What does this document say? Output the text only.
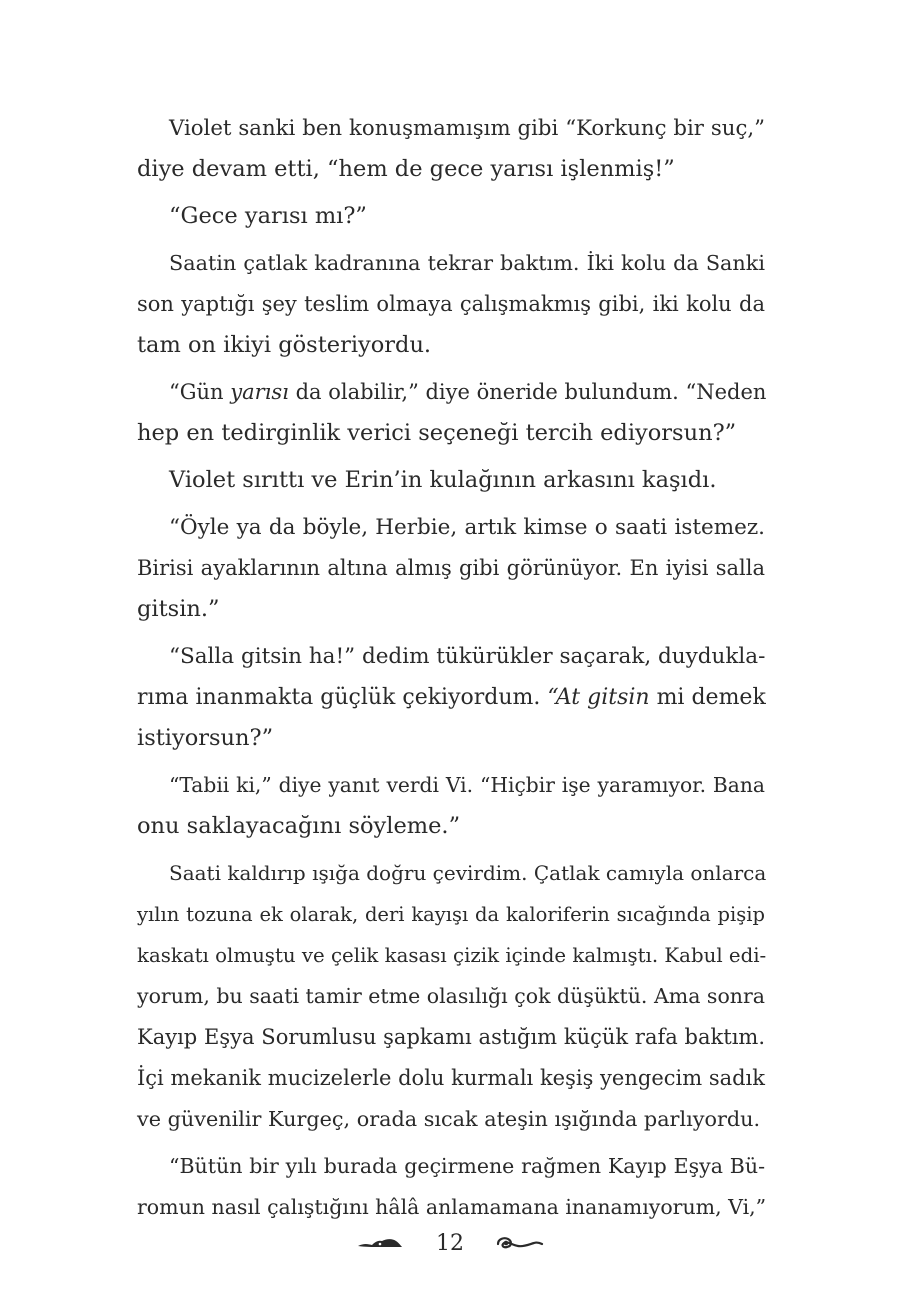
Violet sanki ben konuşmamışım gibi “Korkunç bir suç,”
diye devam etti, “hem de gece yarısı işlenmiş!”
“Gece yarısı mı?”
Saatin çatlak kadranına tekrar baktım. İki kolu da Sanki
son yaptığı şey teslim olmaya çalışmakmış gibi, iki kolu da
tam on ikiyi gösteriyordu.
“Gün yarısı da olabilir,” diye öneride bulundum. “Neden
hep en tedirginlik verici seçeneği tercih ediyorsun?”
Violet sırıttı ve Erin’in kulağının arkasını kaşıdı.
“Öyle ya da böyle, Herbie, artık kimse o saati istemez.
Birisi ayaklarının altına almış gibi görünüyor. En iyisi salla
gitsin.”
“Salla gitsin ha!” dedim tükürükler saçarak, duydukla-
rıma inanmakta güçlük çekiyordum. “At gitsin mi demek
istiyorsun?”
“Tabii ki,” diye yanıt verdi Vi. “Hiçbir işe yaramıyor. Bana
onu saklayacağını söyleme.”
Saati kaldırıp ışığa doğru çevirdim. Çatlak camıyla onlarca
yılın tozuna ek olarak, deri kayışı da kaloriferin sıcağında pişip
kaskatı olmuştu ve çelik kasası çizik içinde kalmıştı. Kabul edi-
yorum, bu saati tamir etme olasılığı çok düşüktü. Ama sonra
Kayıp Eşya Sorumlusu şapkamı astığım küçük rafa baktım.
İçi mekanik mucizelerle dolu kurmalı keşiş yengecim sadık
ve güvenilir Kurgeç, orada sıcak ateşin ışığında parlıyordu.
“Bütün bir yılı burada geçirmene rağmen Kayıp Eşya Bü-
romun nasıl çalıştığını hâlâ anlamamana inanamıyorum, Vi,”
12
